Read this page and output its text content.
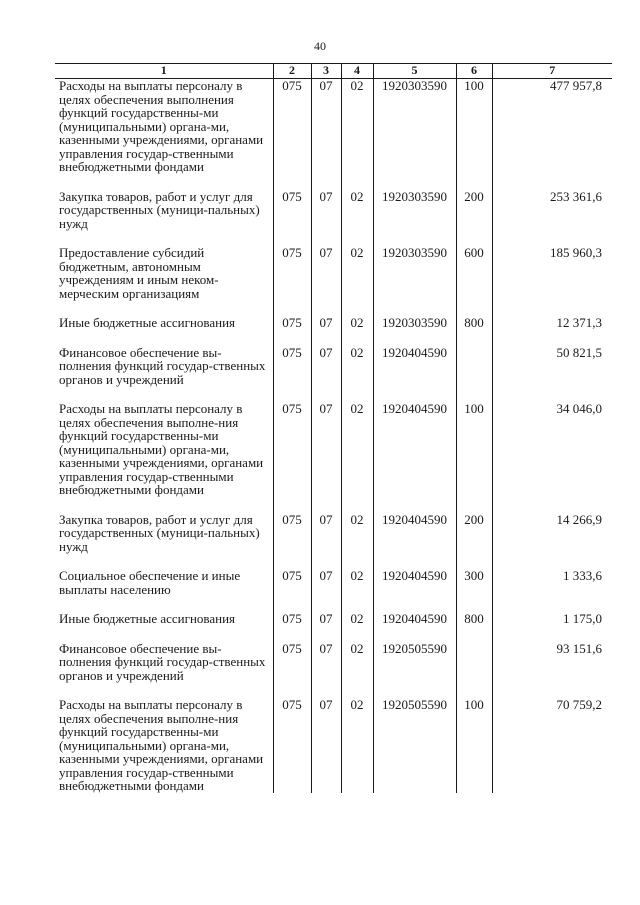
40
1	2	3	4	5	6	7
Расходы на выплаты персоналу в целях обеспечения выполнения функций государственны-ми (муниципальными) органа-ми, казенными учреждениями, органами управления государ-ственными внебюджетными фондами	075	07	02	1920303590	100	477 957,8

Закупка товаров, работ и услуг для государственных (муници-пальных) нужд	075	07	02	1920303590	200	253 361,6

Предоставление субсидий бюджетным, автономным учреждениям и иным неком-мерческим организациям	075	07	02	1920303590	600	185 960,3

Иные бюджетные ассигнования	075	07	02	1920303590	800	12 371,3

Финансовое обеспечение вы-полнения функций государ-ственных органов и учреждений	075	07	02	1920404590		50 821,5

Расходы на выплаты персоналу в целях обеспечения выполне-ния функций государственны-ми (муниципальными) органа-ми, казенными учреждениями, органами управления государ-ственными внебюджетными фондами	075	07	02	1920404590	100	34 046,0

Закупка товаров, работ и услуг для государственных (муници-пальных) нужд	075	07	02	1920404590	200	14 266,9

Социальное обеспечение и иные выплаты населению	075	07	02	1920404590	300	1 333,6

Иные бюджетные ассигнования	075	07	02	1920404590	800	1 175,0

Финансовое обеспечение вы-полнения функций государ-ственных органов и учреждений	075	07	02	1920505590		93 151,6

Расходы на выплаты персоналу в целях обеспечения выполне-ния функций государственны-ми (муниципальными) органа-ми, казенными учреждениями, органами управления государ-ственными внебюджетными фондами	075	07	02	1920505590	100	70 759,2
